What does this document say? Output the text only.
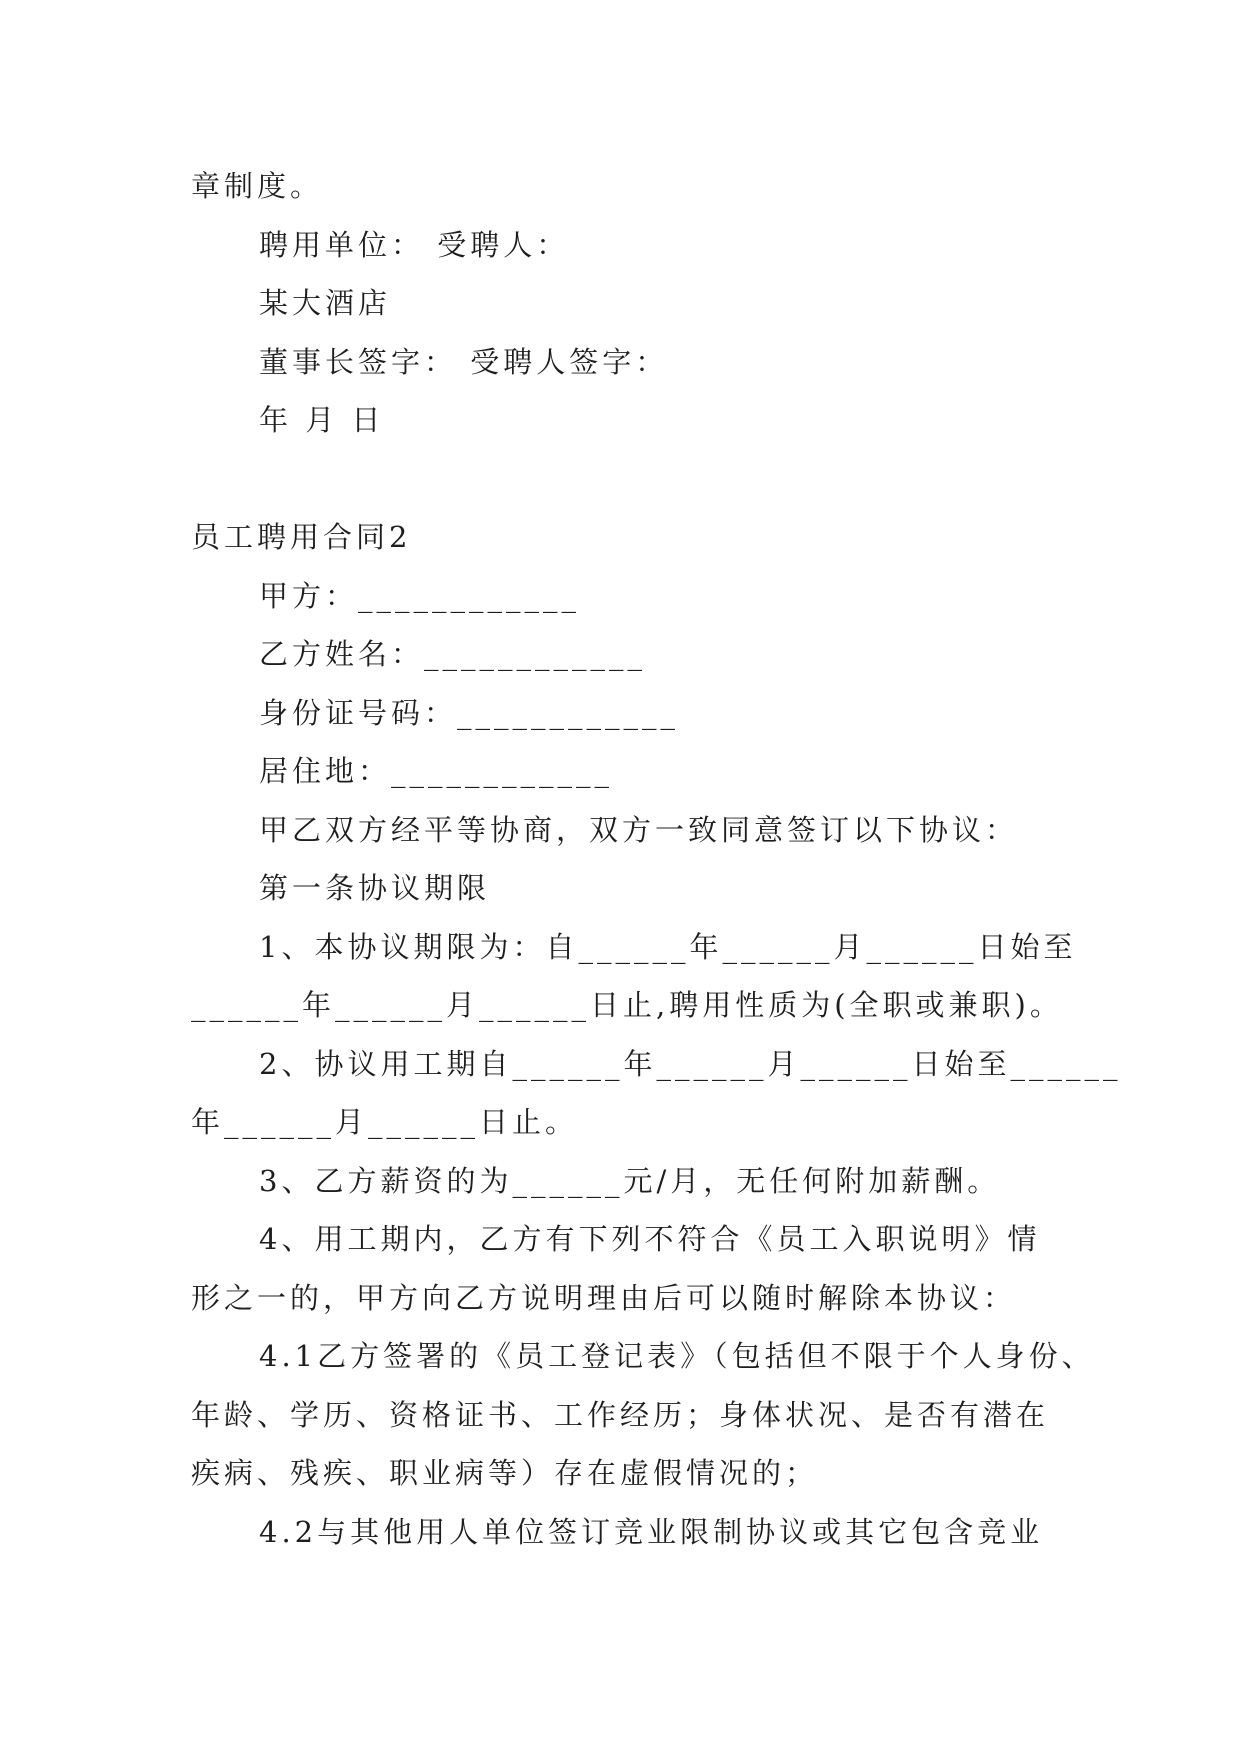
章制度。
聘用单位： 受聘人：
某大酒店
董事长签字： 受聘人签字：
年 月 日
员工聘用合同2
甲方：____________
乙方姓名：____________
身份证号码：____________
居住地：____________
甲乙双方经平等协商，双方一致同意签订以下协议：
第一条协议期限
1、本协议期限为：自______年______月______日始至
______年______月______日止,聘用性质为(全职或兼职)。
2、协议用工期自______年______月______日始至______
年______月______日止。
3、乙方薪资的为______元/月，无任何附加薪酬。
4、用工期内，乙方有下列不符合《员工入职说明》情
形之一的，甲方向乙方说明理由后可以随时解除本协议：
4.1乙方签署的《员工登记表》（包括但不限于个人身份、
年龄、学历、资格证书、工作经历；身体状况、是否有潜在
疾病、残疾、职业病等）存在虚假情况的；
4.2与其他用人单位签订竞业限制协议或其它包含竞业
